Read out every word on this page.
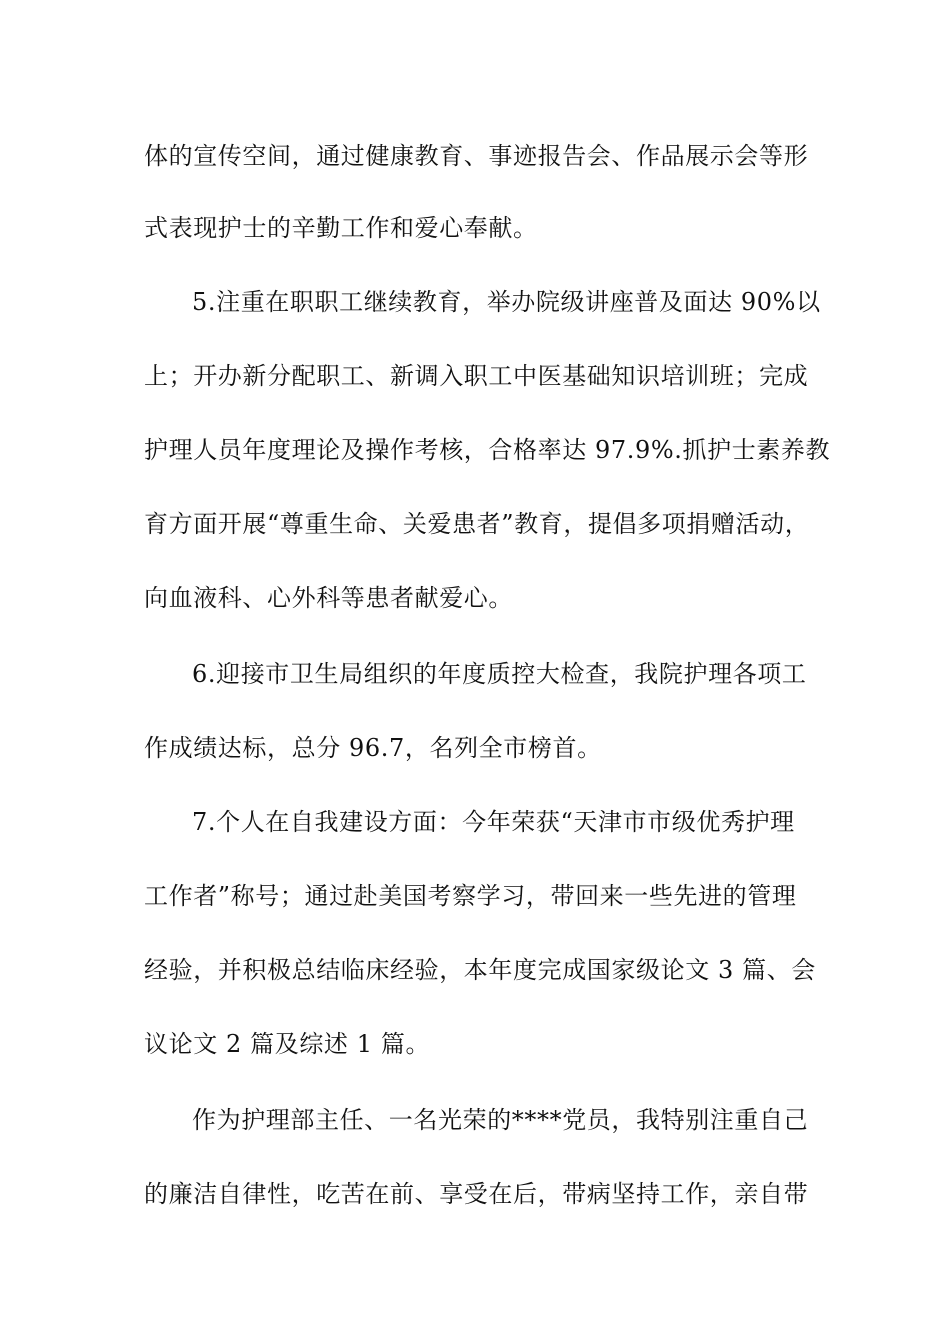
体的宣传空间，通过健康教育、事迹报告会、作品展示会等形
式表现护士的辛勤工作和爱心奉献。
5.注重在职职工继续教育，举办院级讲座普及面达 90%以
上；开办新分配职工、新调入职工中医基础知识培训班；完成
护理人员年度理论及操作考核，合格率达 97.9%.抓护士素养教
育方面开展“尊重生命、关爱患者”教育，提倡多项捐赠活动，
向血液科、心外科等患者献爱心。
6.迎接市卫生局组织的年度质控大检查，我院护理各项工
作成绩达标，总分 96.7，名列全市榜首。
7.个人在自我建设方面：今年荣获“天津市市级优秀护理
工作者”称号；通过赴美国考察学习，带回来一些先进的管理
经验，并积极总结临床经验，本年度完成国家级论文 3 篇、会
议论文 2 篇及综述 1 篇。
作为护理部主任、一名光荣的****党员，我特别注重自己
的廉洁自律性，吃苦在前、享受在后，带病坚持工作，亲自带
